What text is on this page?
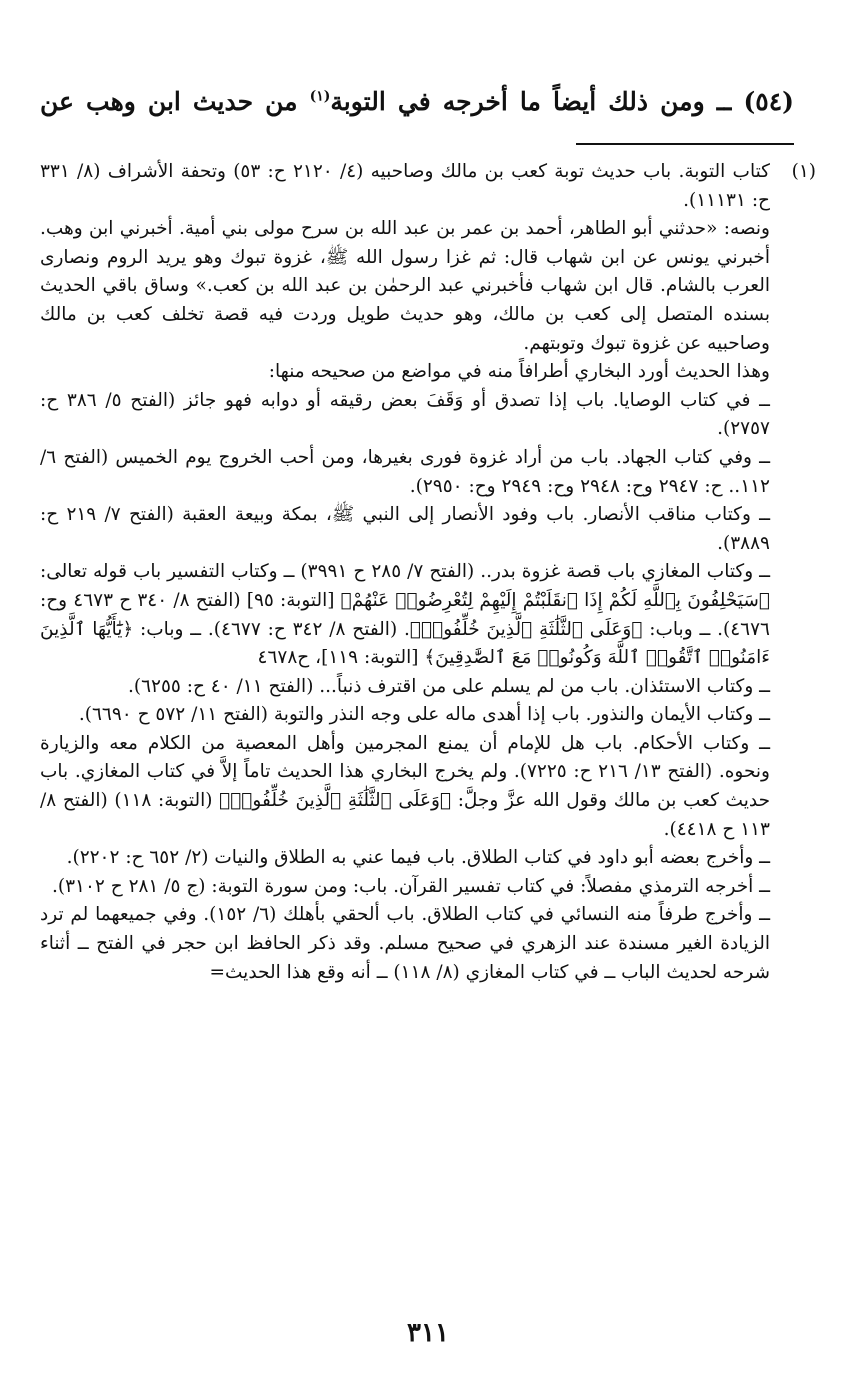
(٥٤) ــ ومن ذلك أيضاً ما أخرجه في التوبة$^{(١)}$ من حديث ابن وهب عن
(١)

كتاب التوبة. باب حديث توبة كعب بن مالك وصاحبيه (٤/ ٢١٢٠ ح: ٥٣) وتحفة الأشراف (٨/ ٣٣١ ح: ١١١٣١).

ونصه: «حدثني أبو الطاهر، أحمد بن عمر بن عبد الله بن سرح مولى بني أمية. أخبرني ابن وهب. أخبرني يونس عن ابن شهاب قال: ثم غزا رسول الله ﷺ، غزوة تبوك وهو يريد الروم ونصارى العرب بالشام. قال ابن شهاب فأخبرني عبد الرحمٰن بن عبد الله بن كعب.» وساق باقي الحديث بسنده المتصل إلى كعب بن مالك، وهو حديث طويل وردت فيه قصة تخلف كعب بن مالك وصاحبيه عن غزوة تبوك وتوبتهم.

وهذا الحديث أورد البخاري أطرافاً منه في مواضع من صحيحه منها:

ــ في كتاب الوصايا. باب إذا تصدق أو وَقَفَ بعض رقيقه أو دوابه فهو جائز (الفتح ٥/ ٣٨٦ ح: ٢٧٥٧).

ــ وفي كتاب الجهاد. باب من أراد غزوة فورى بغيرها، ومن أحب الخروج يوم الخميس (الفتح ٦/ ١١٢.. ح: ٢٩٤٧ وح: ٢٩٤٨ وح: ٢٩٤٩ وح: ٢٩٥٠).

ــ وكتاب مناقب الأنصار. باب وفود الأنصار إلى النبي ﷺ، بمكة وبيعة العقبة (الفتح ٧/ ٢١٩ ح: ٣٨٨٩).

ــ وكتاب المغازي باب قصة غزوة بدر.. (الفتح ٧/ ٢٨٥ ح ٣٩٩١) ــ وكتاب التفسير باب قوله تعالى: ﴿سَيَحْلِفُونَ بِٱللَّهِ لَكُمْ إِذَا ٱنقَلَبْتُمْ إِلَيْهِمْ لِتُعْرِضُوا۟ عَنْهُمْ﴾ [التوبة: ٩٥] (الفتح ٨/ ٣٤٠ ح ٤٦٧٣ وح: ٤٦٧٦). ــ وباب: ﴿وَعَلَى ٱلثَّلَٰثَةِ ٱلَّذِينَ خُلِّفُوا۟﴾. (الفتح ٨/ ٣٤٢ ح: ٤٦٧٧). ــ وباب: ﴿يَٰٓأَيُّهَا ٱلَّذِينَ ءَامَنُوا۟ ٱتَّقُوا۟ ٱللَّهَ وَكُونُوا۟ مَعَ ٱلصَّٰدِقِينَ﴾ [التوبة: ١١٩]، ح٤٦٧٨

ــ وكتاب الاستئذان. باب من لم يسلم على من اقترف ذنباً... (الفتح ١١/ ٤٠ ح: ٦٢٥٥).

ــ وكتاب الأيمان والنذور. باب إذا أهدى ماله على وجه النذر والتوبة (الفتح ١١/ ٥٧٢ ح ٦٦٩٠).

ــ وكتاب الأحكام. باب هل للإمام أن يمنع المجرمين وأهل المعصية من الكلام معه والزيارة ونحوه. (الفتح ١٣/ ٢١٦ ح: ٧٢٢٥). ولم يخرج البخاري هذا الحديث تاماً إلاَّ في كتاب المغازي. باب حديث كعب بن مالك وقول الله عزَّ وجلَّ: ﴿وَعَلَى ٱلثَّلَٰثَةِ ٱلَّذِينَ خُلِّفُوا۟﴾ (التوبة: ١١٨) (الفتح ٨/ ١١٣ ح ٤٤١٨).

ــ وأخرج بعضه أبو داود في كتاب الطلاق. باب فيما عني به الطلاق والنيات (٢/ ٦٥٢ ح: ٢٢٠٢).

ــ أخرجه الترمذي مفصلاً: في كتاب تفسير القرآن. باب: ومن سورة التوبة: (ج ٥/ ٢٨١ ح ٣١٠٢).

ــ وأخرج طرفاً منه النسائي في كتاب الطلاق. باب ألحقي بأهلك (٦/ ١٥٢). وفي جميعهما لم ترد الزيادة الغير مسندة عند الزهري في صحيح مسلم. وقد ذكر الحافظ ابن حجر في الفتح ــ أثناء شرحه لحديث الباب ــ في كتاب المغازي (٨/ ١١٨) ــ أنه وقع هذا الحديث=

٣١١
